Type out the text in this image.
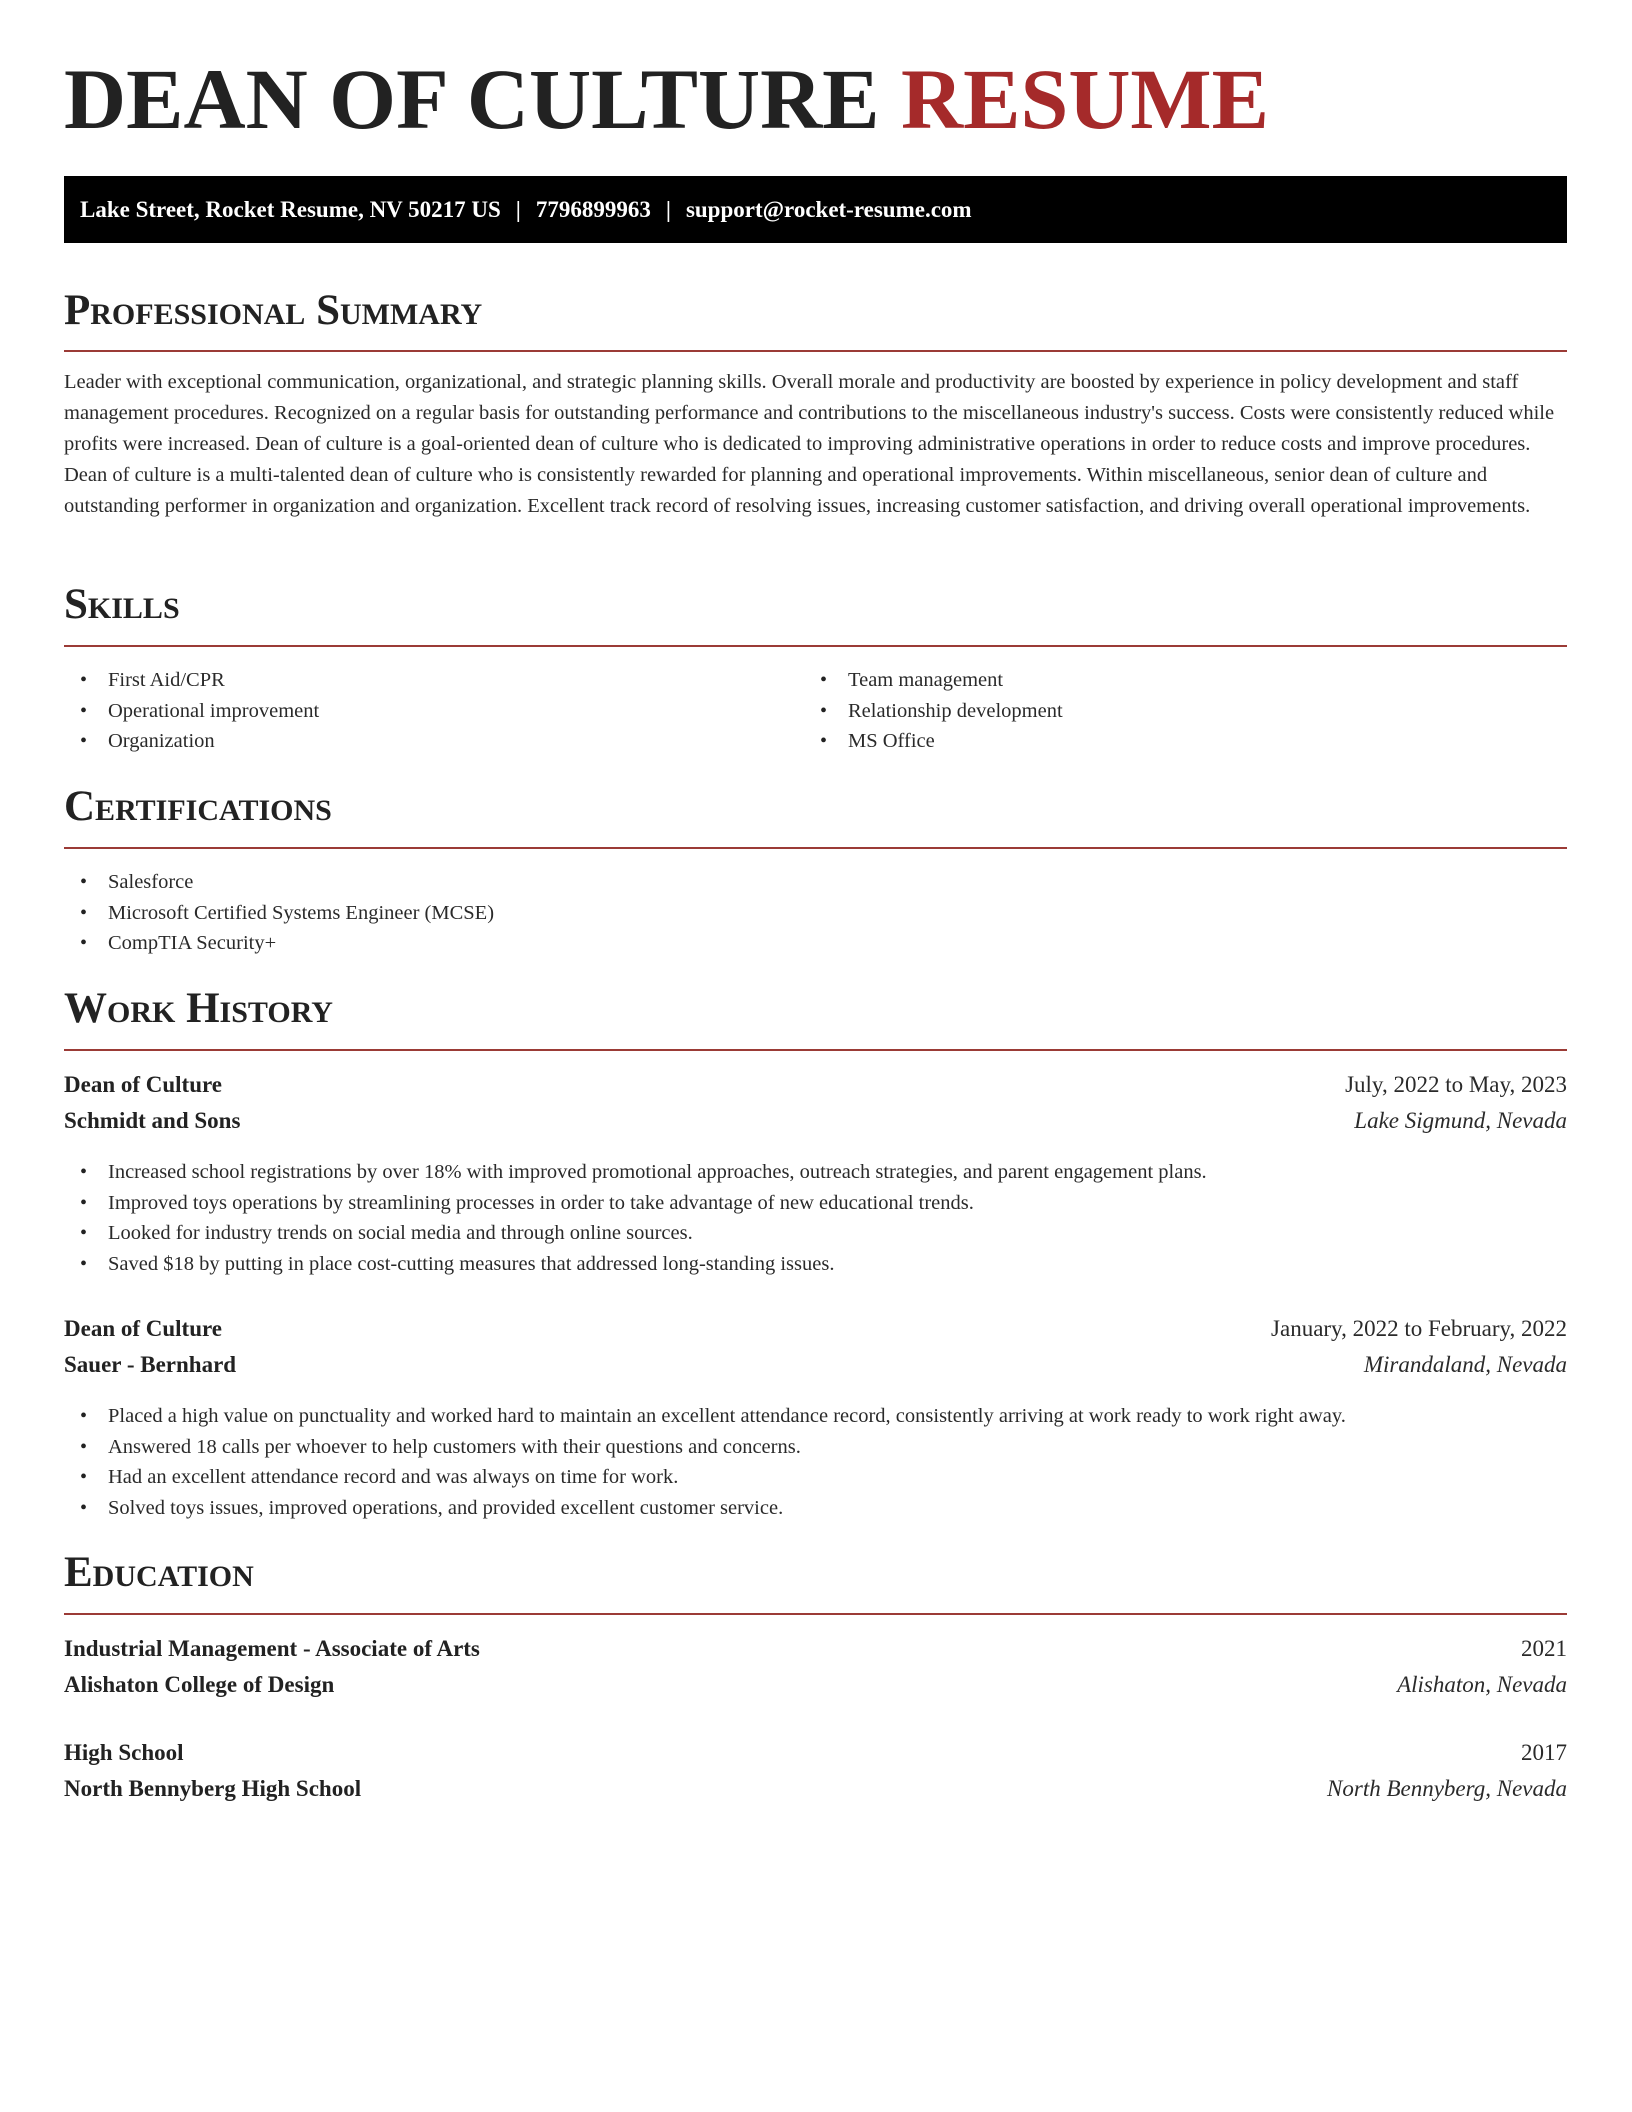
DEAN OF CULTURE RESUME
Lake Street, Rocket Resume, NV 50217 US | 7796899963 | support@rocket-resume.com
Professional Summary

Leader with exceptional communication, organizational, and strategic planning skills. Overall morale and productivity are boosted by experience in policy development and staff management procedures. Recognized on a regular basis for outstanding performance and contributions to the miscellaneous industry's success. Costs were consistently reduced while profits were increased. Dean of culture is a goal-oriented dean of culture who is dedicated to improving administrative operations in order to reduce costs and improve procedures. Dean of culture is a multi-talented dean of culture who is consistently rewarded for planning and operational improvements. Within miscellaneous, senior dean of culture and outstanding performer in organization and organization. Excellent track record of resolving issues, increasing customer satisfaction, and driving overall operational improvements.

Skills
• First Aid/CPR
• Operational improvement
• Organization
• Team management
• Relationship development
• MS Office
Certifications
• Salesforce
• Microsoft Certified Systems Engineer (MCSE)
• CompTIA Security+
Work History
Dean of Culture	July, 2022 to May, 2023
Schmidt and Sons	Lake Sigmund, Nevada
• Increased school registrations by over 18% with improved promotional approaches, outreach strategies, and parent engagement plans.
• Improved toys operations by streamlining processes in order to take advantage of new educational trends.
• Looked for industry trends on social media and through online sources.
• Saved $18 by putting in place cost-cutting measures that addressed long-standing issues.
Dean of Culture	January, 2022 to February, 2022
Sauer - Bernhard	Mirandaland, Nevada
• Placed a high value on punctuality and worked hard to maintain an excellent attendance record, consistently arriving at work ready to work right away.
• Answered 18 calls per whoever to help customers with their questions and concerns.
• Had an excellent attendance record and was always on time for work.
• Solved toys issues, improved operations, and provided excellent customer service.
Education
Industrial Management - Associate of Arts	2021
Alishaton College of Design	Alishaton, Nevada
High School	2017
North Bennyberg High School	North Bennyberg, Nevada
